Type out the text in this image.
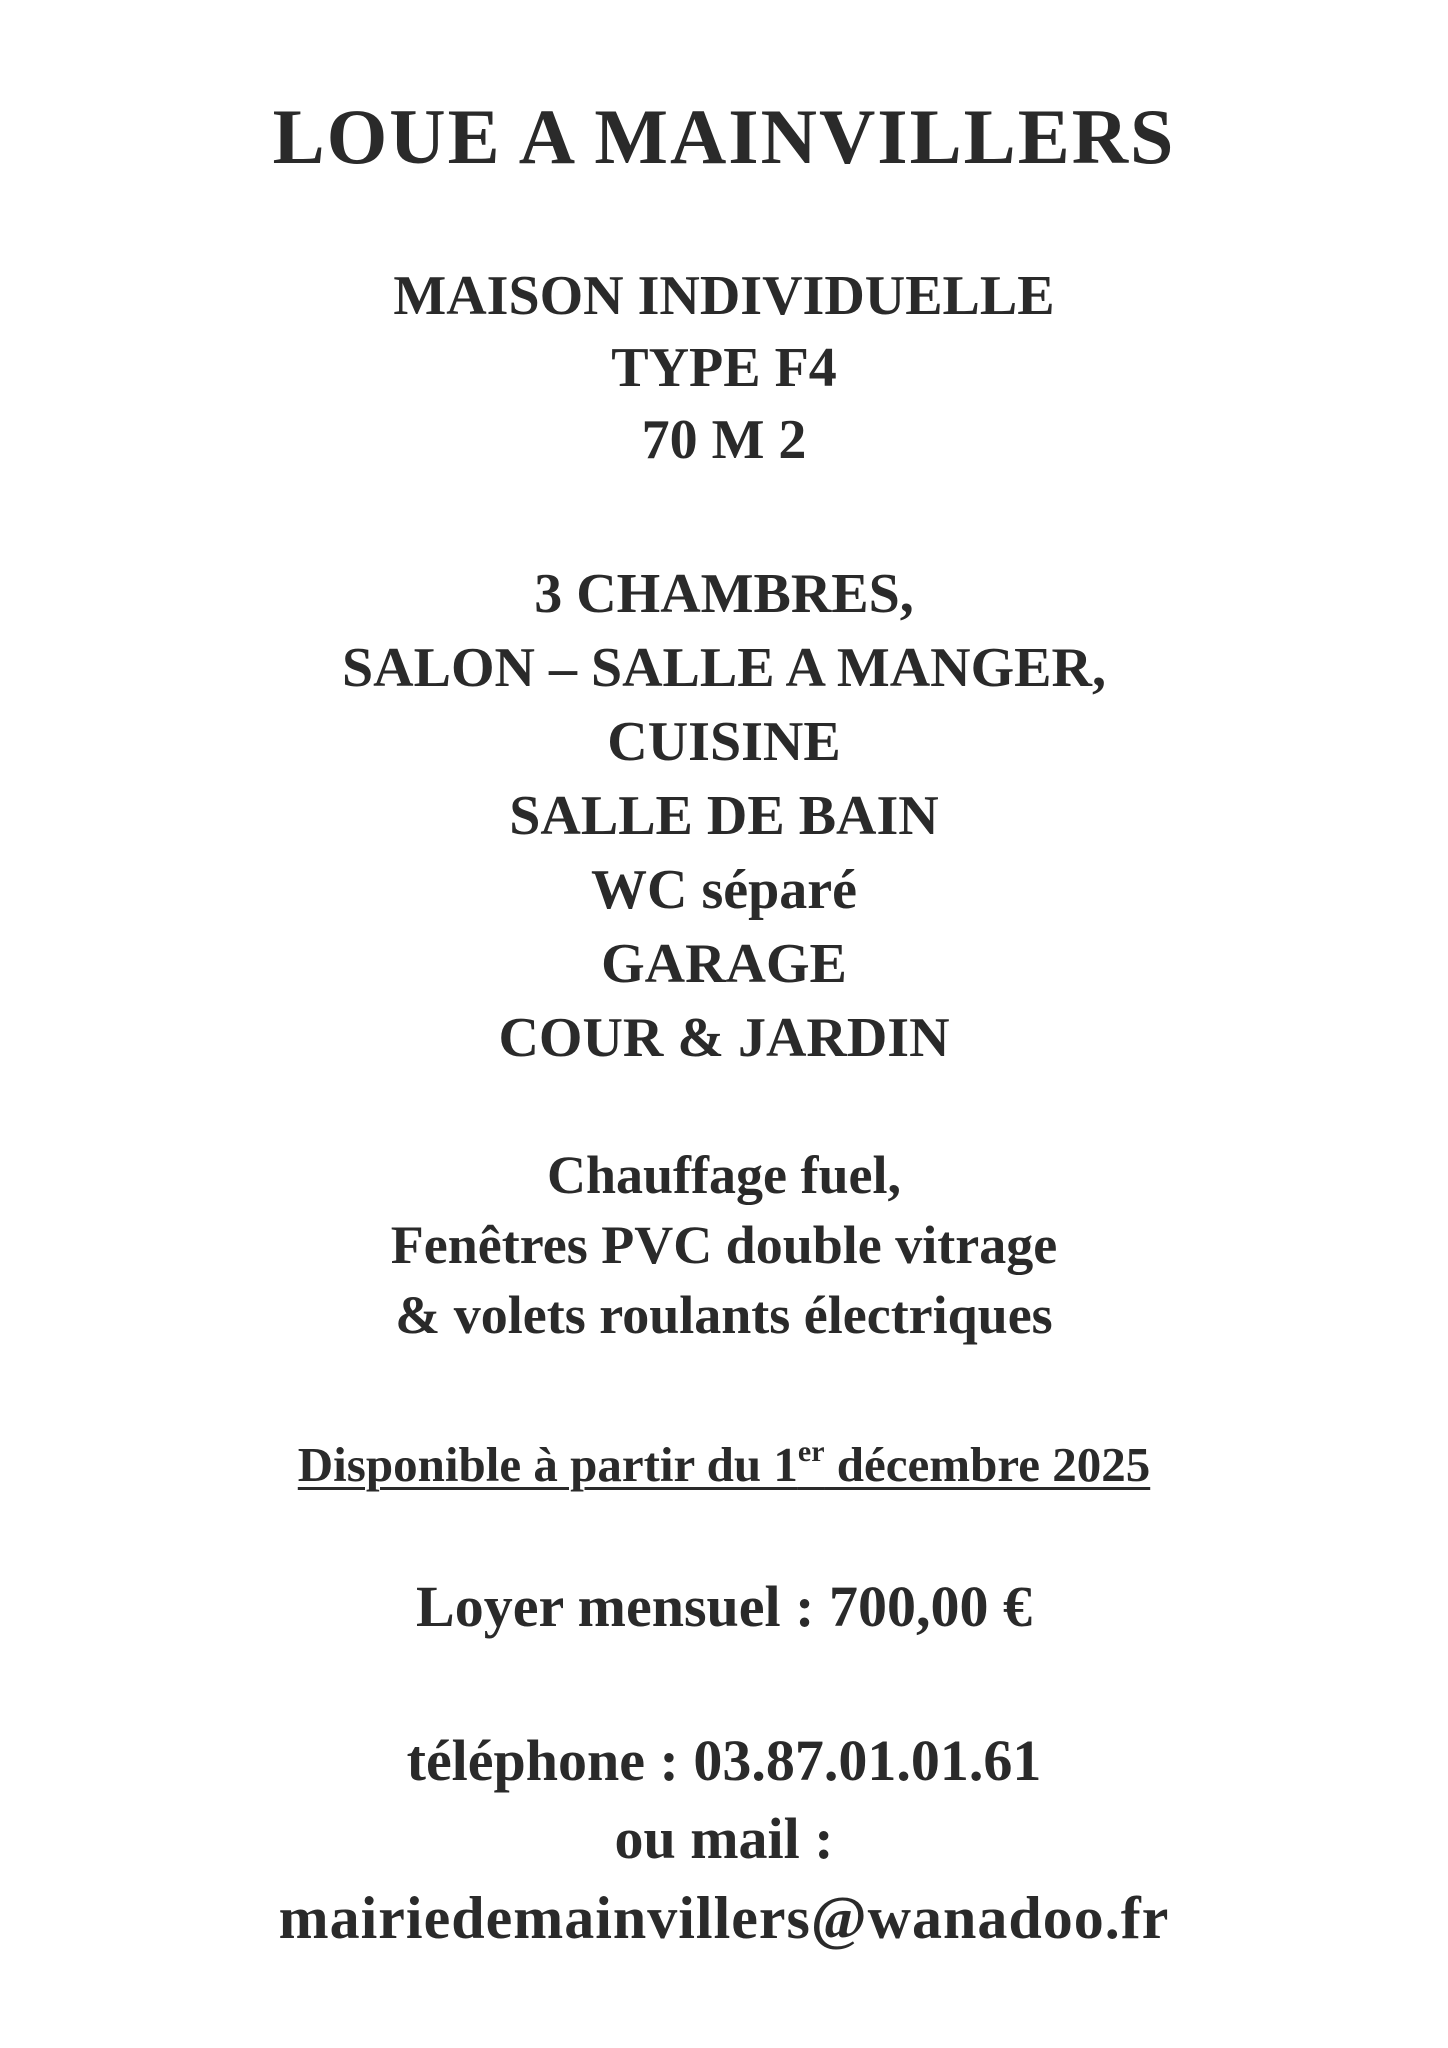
LOUE A MAINVILLERS
MAISON INDIVIDUELLE
TYPE F4
70 M 2
3 CHAMBRES,
SALON – SALLE A MANGER,
CUISINE
SALLE DE BAIN
WC séparé
GARAGE
COUR & JARDIN
Chauffage fuel,
Fenêtres PVC double vitrage
& volets roulants électriques
Disponible à partir du 1er décembre 2025
Loyer mensuel : 700,00 €
téléphone : 03.87.01.01.61
ou mail :
mairiedemainvillers@wanadoo.fr
